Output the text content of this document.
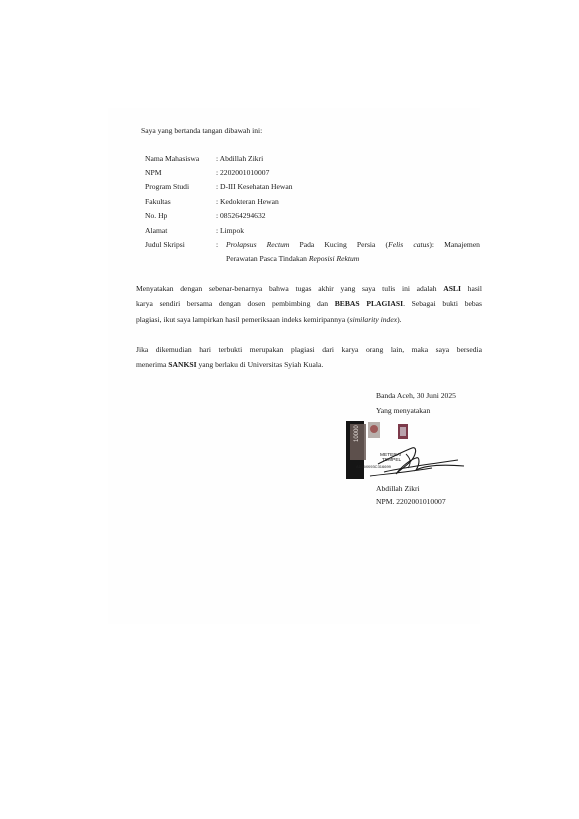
Saya yang bertanda tangan dibawah ini:
Nama Mahasiswa : Abdillah Zikri
NPM	: 2202001010007
Program Studi	: D-III Kesehatan Hewan
Fakultas	: Kedokteran Hewan
No. Hp	: 085264294632
Alamat	: Limpok
Judul Skripsi	: Prolapsus Rectum Pada Kucing Persia (Felis catus): Manajemen
Perawatan Pasca Tindakan Reposisi Rektum
Menyatakan dengan sebenar-benarnya bahwa tugas akhir yang saya tulis ini adalah ASLI hasil
karya sendiri bersama dengan dosen pembimbing dan BEBAS PLAGIASI. Sebagai bukti bebas
plagiasi, ikut saya lampirkan hasil pemeriksaan indeks kemiripannya (similarity index).
Jika dikemudian hari terbukti merupakan plagiasi dari karya orang lain, maka saya bersedia
menerima SANKSI yang berlaku di Universitas Syiah Kuala.
Banda Aceh, 30 Juni 2025
Yang menyatakan
10000
METERAI
TEMPEL
ADAMX93C316699
Abdillah Zikri
NPM. 2202001010007
